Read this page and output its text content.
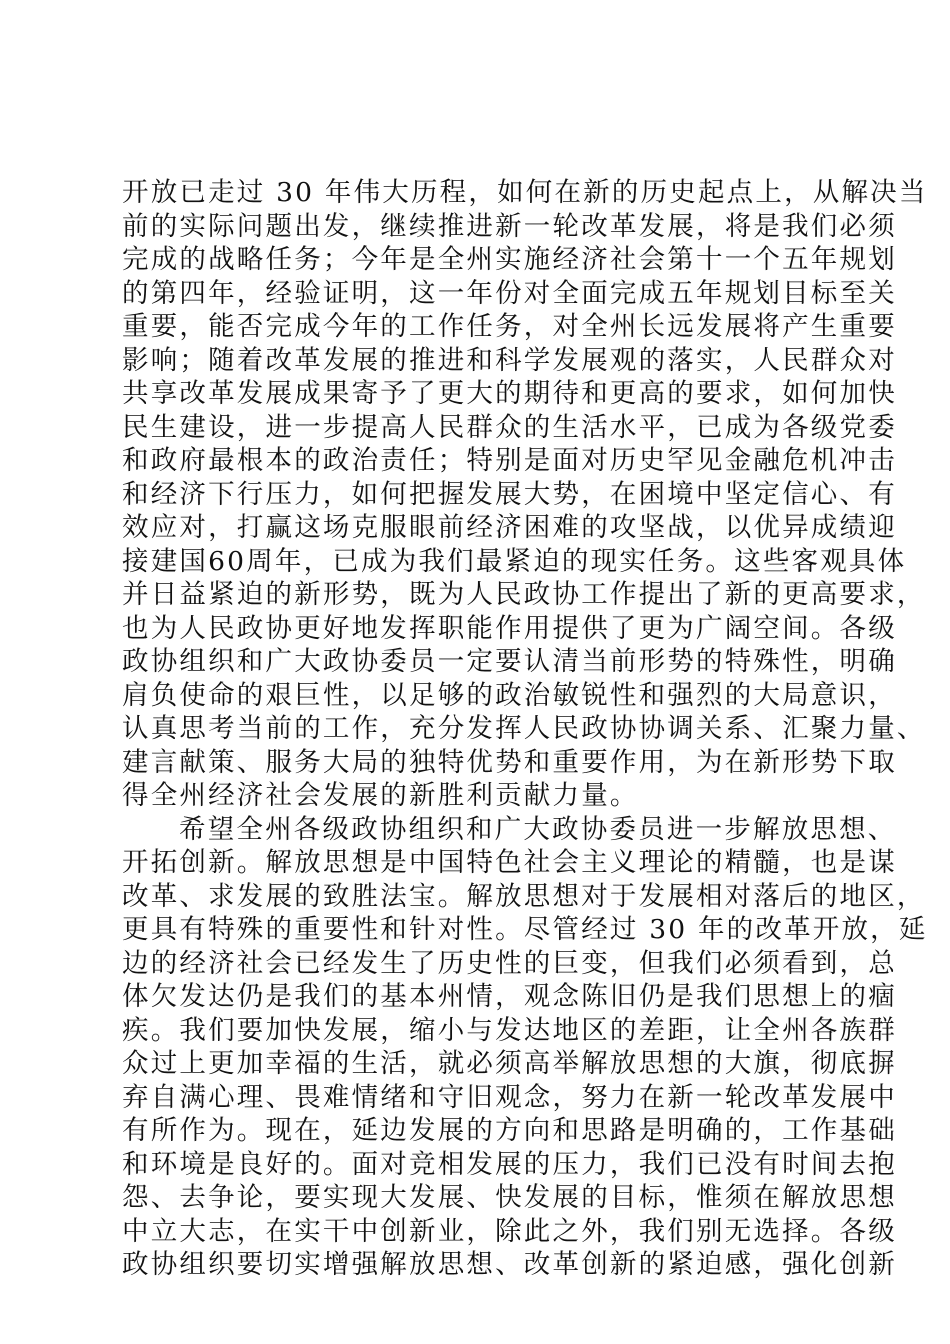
开放已走过 30 年伟大历程，如何在新的历史起点上，从解决当
前的实际问题出发，继续推进新一轮改革发展，将是我们必须
完成的战略任务；今年是全州实施经济社会第十一个五年规划
的第四年，经验证明，这一年份对全面完成五年规划目标至关
重要，能否完成今年的工作任务，对全州长远发展将产生重要
影响；随着改革发展的推进和科学发展观的落实，人民群众对
共享改革发展成果寄予了更大的期待和更高的要求，如何加快
民生建设，进一步提高人民群众的生活水平，已成为各级党委
和政府最根本的政治责任；特别是面对历史罕见金融危机冲击
和经济下行压力，如何把握发展大势，在困境中坚定信心、有
效应对，打赢这场克服眼前经济困难的攻坚战，以优异成绩迎
接建国60周年，已成为我们最紧迫的现实任务。这些客观具体
并日益紧迫的新形势，既为人民政协工作提出了新的更高要求，
也为人民政协更好地发挥职能作用提供了更为广阔空间。各级
政协组织和广大政协委员一定要认清当前形势的特殊性，明确
肩负使命的艰巨性，以足够的政治敏锐性和强烈的大局意识，
认真思考当前的工作，充分发挥人民政协协调关系、汇聚力量、
建言献策、服务大局的独特优势和重要作用，为在新形势下取
得全州经济社会发展的新胜利贡献力量。
希望全州各级政协组织和广大政协委员进一步解放思想、
开拓创新。解放思想是中国特色社会主义理论的精髓，也是谋
改革、求发展的致胜法宝。解放思想对于发展相对落后的地区，
更具有特殊的重要性和针对性。尽管经过 30 年的改革开放，延
边的经济社会已经发生了历史性的巨变，但我们必须看到，总
体欠发达仍是我们的基本州情，观念陈旧仍是我们思想上的痼
疾。我们要加快发展，缩小与发达地区的差距，让全州各族群
众过上更加幸福的生活，就必须高举解放思想的大旗，彻底摒
弃自满心理、畏难情绪和守旧观念，努力在新一轮改革发展中
有所作为。现在，延边发展的方向和思路是明确的，工作基础
和环境是良好的。面对竞相发展的压力，我们已没有时间去抱
怨、去争论，要实现大发展、快发展的目标，惟须在解放思想
中立大志，在实干中创新业，除此之外，我们别无选择。各级
政协组织要切实增强解放思想、改革创新的紧迫感，强化创新
